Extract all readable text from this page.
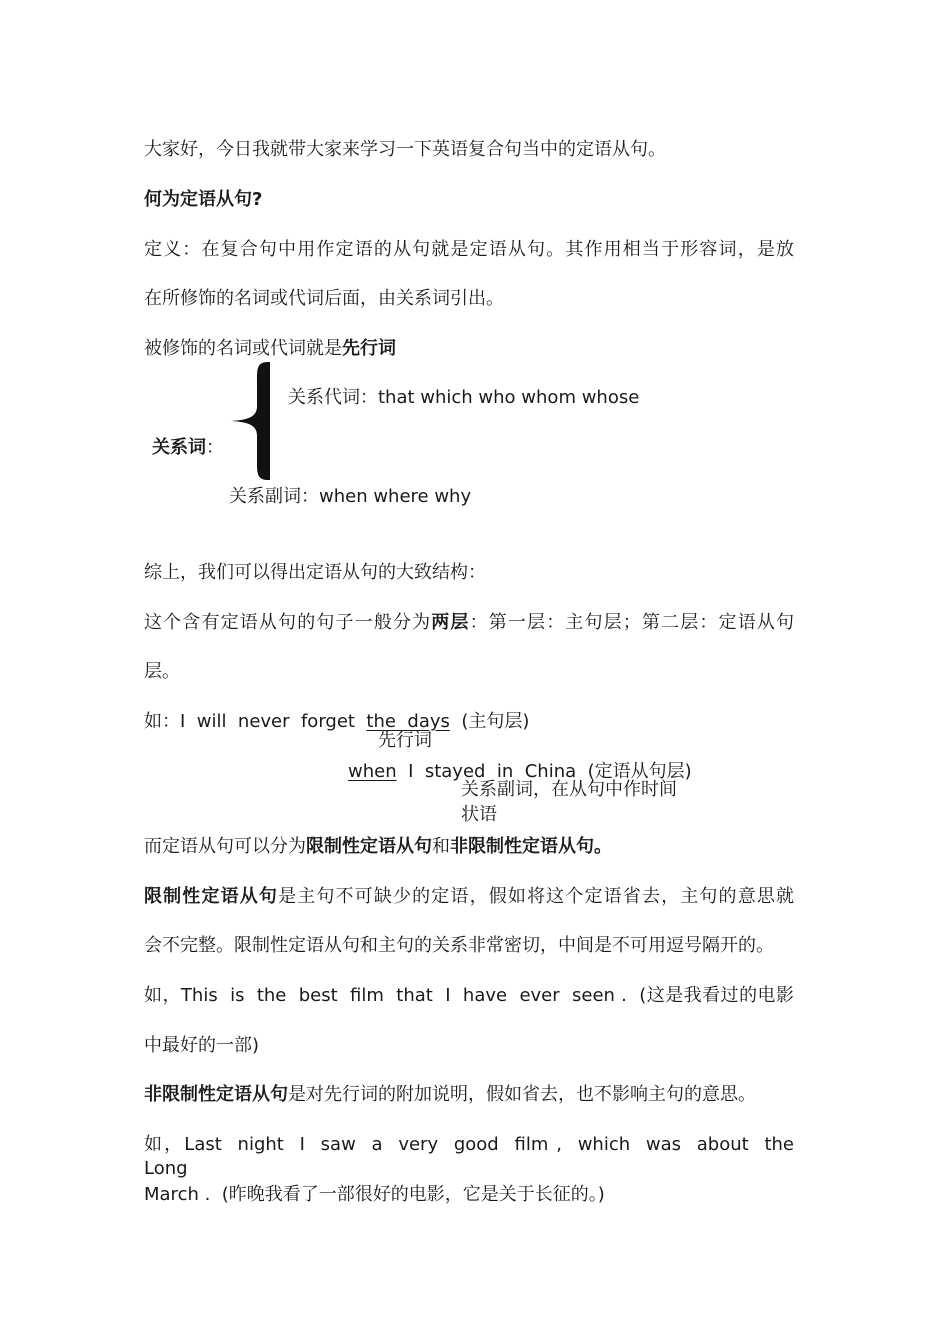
大家好，今日我就带大家来学习一下英语复合句当中的定语从句。
何为定语从句?
定义：在复合句中用作定语的从句就是定语从句。其作用相当于形容词，是放
在所修饰的名词或代词后面，由关系词引出。
被修饰的名词或代词就是先行词
关系代词：that which who whom whose
关系词：
关系副词：when where why
综上，我们可以得出定语从句的大致结构：
这个含有定语从句的句子一般分为两层：第一层：主句层；第二层：定语从句
层。
如：I  will  never  forget  the  days  (主句层)
先行词
when  I  stayed  in  China  (定语从句层)
关系副词，在从句中作时间
状语
而定语从句可以分为限制性定语从句和非限制性定语从句。
限制性定语从句是主句不可缺少的定语，假如将这个定语省去，主句的意思就
会不完整。限制性定语从句和主句的关系非常密切，中间是不可用逗号隔开的。
如，This  is  the  best  film  that  I  have  ever  seen .  (这是我看过的电影
中最好的一部)
非限制性定语从句是对先行词的附加说明，假如省去，也不影响主句的意思。
如，Last  night  I  saw  a  very  good  film ,  which  was  about  the  Long
March .  (昨晚我看了一部很好的电影，它是关于长征的。)
